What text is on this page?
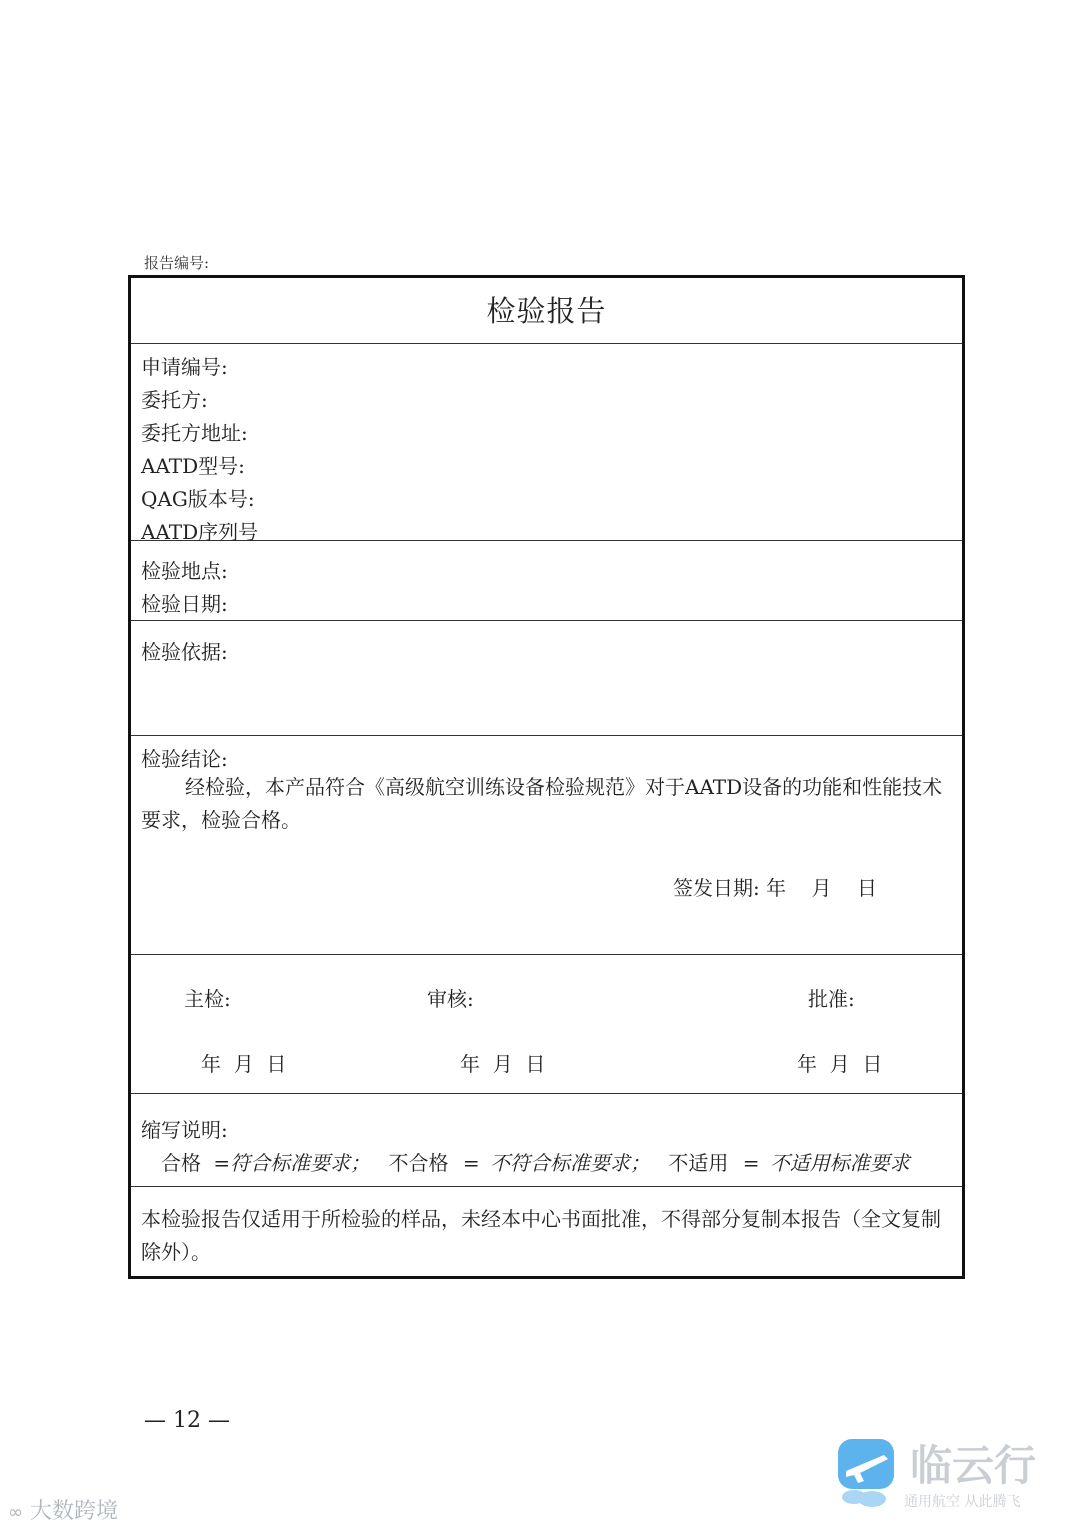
报告编号:
检验报告
申请编号:
委托方:
委托方地址:
AATD型号:
QAG版本号:
AATD序列号
检验地点:
检验日期:
检验依据:
检验结论:
经检验，本产品符合《高级航空训练设备检验规范》对于AATD设备的功能和性能技术要求，检验合格。
签发日期: 年    月    日
主检:	审核:	批准:
年  月  日	年  月  日	年  月  日
缩写说明:
合格 =符合标准要求； 不合格 = 不符合标准要求； 不适用 = 不适用标准要求
本检验报告仅适用于所检验的样品，未经本中心书面批准，不得部分复制本报告（全文复制除外）。
— 12 —
∞ 大数跨境
临云行
通用航空 从此腾飞
